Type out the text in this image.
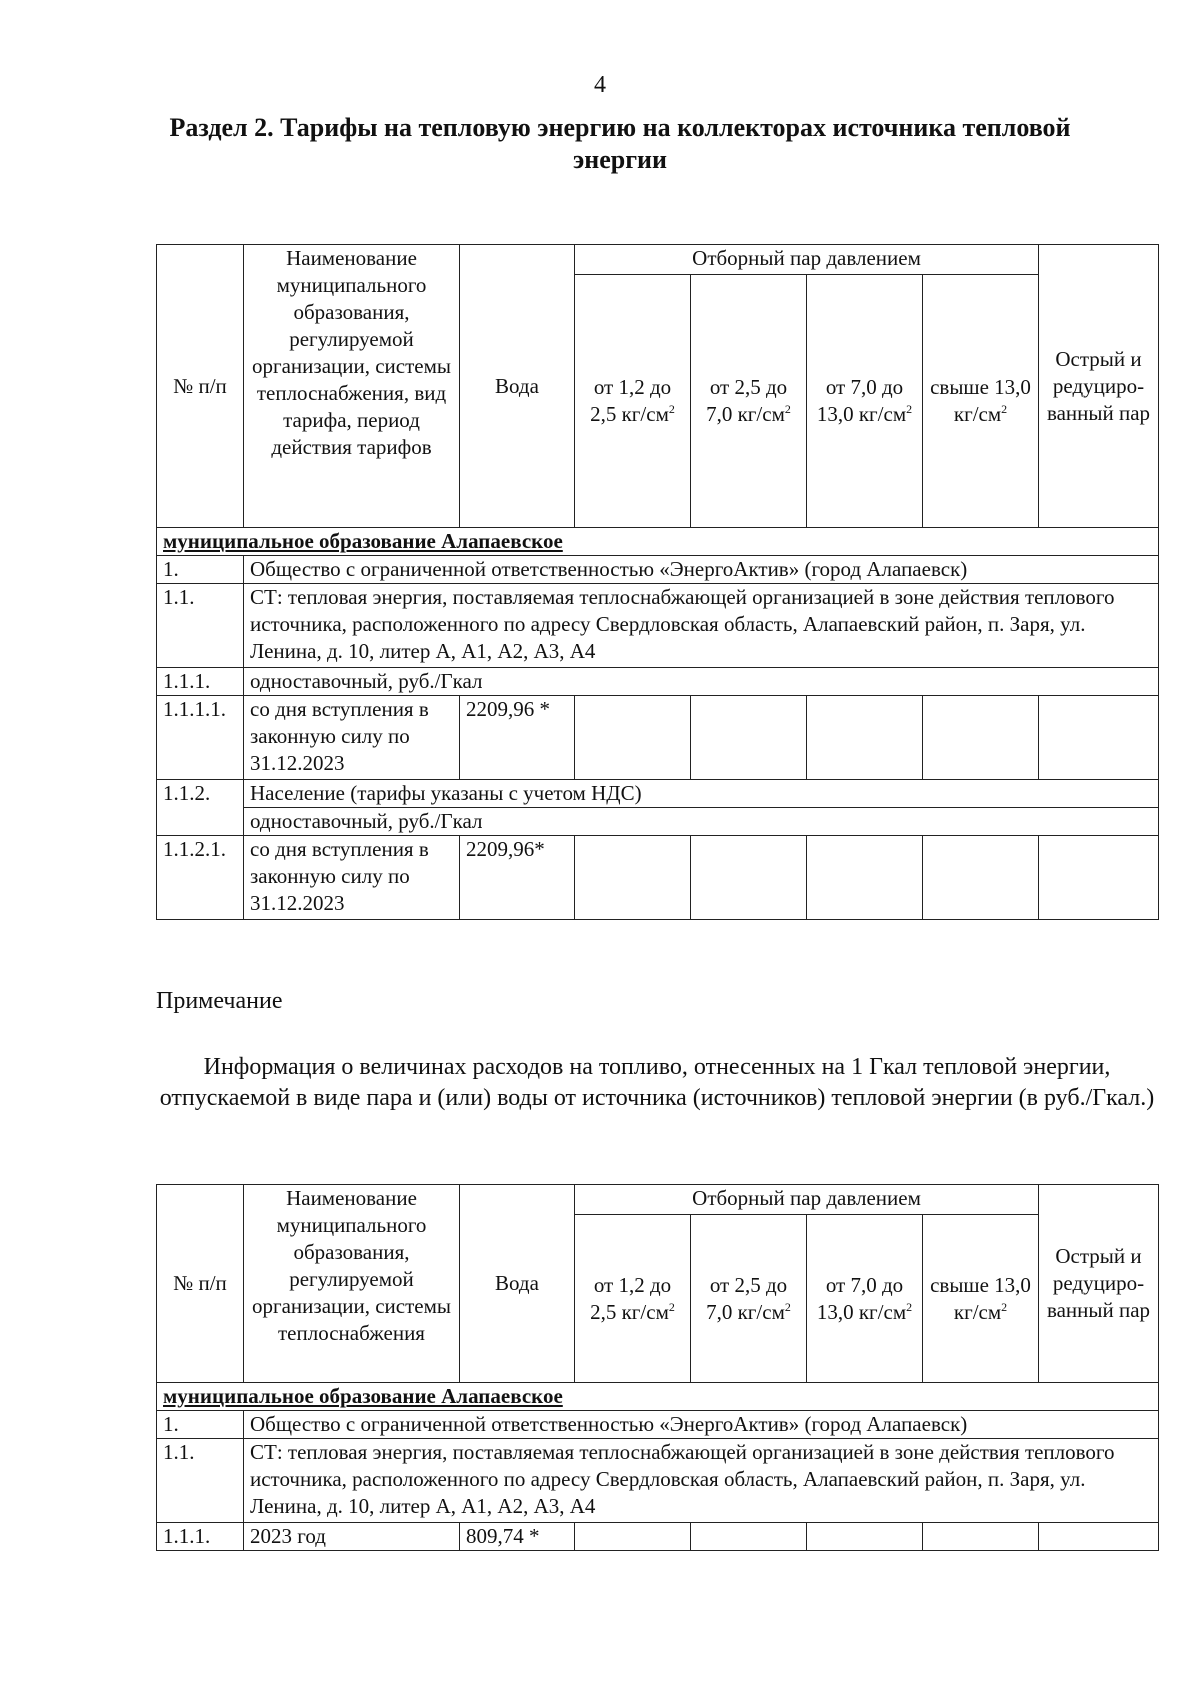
4
Раздел 2. Тарифы на тепловую энергию на коллекторах источника тепловой энергии
№ п/п	Наименование муниципального образования, регулируемой организации, системы теплоснабжения, вид тарифа, период действия тарифов	Вода	Отборный пар давлением				Острый и редуциро-ванный пар
			от 1,2 до 2,5 $кг/см^2$	от 2,5 до 7,0 $кг/см^2$	от 7,0 до 13,0 $кг/см^2$	свыше 13,0 $кг/см^2$
муниципальное образование Алапаевское							
1.	Общество с ограниченной ответственностью «ЭнергоАктив» (город Алапаевск)						
1.1.	СТ: тепловая энергия, поставляемая теплоснабжающей организацией в зоне действия теплового источника, расположенного по адресу Свердловская область, Алапаевский район, п. Заря, ул. Ленина, д. 10, литер А, А1, А2, А3, А4						
1.1.1.	одноставочный, руб./Гкал						
1.1.1.1.	со дня вступления в законную силу по 31.12.2023	2209,96 *					
1.1.2.	Население (тарифы указаны с учетом НДС)						
	одноставочный, руб./Гкал						
1.1.2.1.	со дня вступления в законную силу по 31.12.2023	2209,96*					
Примечание
Информация о величинах расходов на топливо, отнесенных на 1 Гкал тепловой энергии, отпускаемой в виде пара и (или) воды от источника (источников) тепловой энергии (в руб./Гкал.)
№ п/п	Наименование муниципального образования, регулируемой организации, системы теплоснабжения	Вода	Отборный пар давлением				Острый и редуциро-ванный пар
			от 1,2 до 2,5 $кг/см^2$	от 2,5 до 7,0 $кг/см^2$	от 7,0 до 13,0 $кг/см^2$	свыше 13,0 $кг/см^2$
муниципальное образование Алапаевское							
1.	Общество с ограниченной ответственностью «ЭнергоАктив» (город Алапаевск)						
1.1.	СТ: тепловая энергия, поставляемая теплоснабжающей организацией в зоне действия теплового источника, расположенного по адресу Свердловская область, Алапаевский район, п. Заря, ул. Ленина, д. 10, литер А, А1, А2, А3, А4						
1.1.1.	2023 год	809,74 *					
